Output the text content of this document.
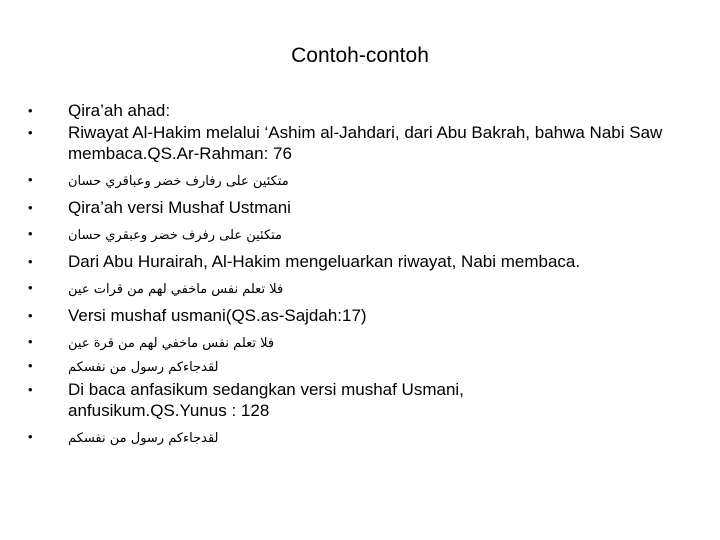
Contoh-contoh
• Qira’ah ahad:
• Riwayat Al-Hakim melalui ‘Ashim al-Jahdari, dari Abu Bakrah, bahwa Nabi Saw membaca.QS.Ar-Rahman: 76
•	متكئين على رفارف خضر وعباقري حسان
• Qira’ah versi Mushaf Ustmani
•	متكئين على رفرف خضر وعبقري حسان
• Dari Abu Hurairah, Al-Hakim mengeluarkan riwayat, Nabi membaca.
•	فلا تعلم نفس ماخفي لهم من قرات عين
• Versi mushaf usmani(QS.as-Sajdah:17)
•	فلا تعلم نفس ماخفي لهم من قرة عين
•	لقدجاءكم رسول من نفسكم
• Di baca anfasikum sedangkan versi mushaf Usmani, anfusikum.QS.Yunus : 128
•	لقدجاءكم رسول من نفسكم
